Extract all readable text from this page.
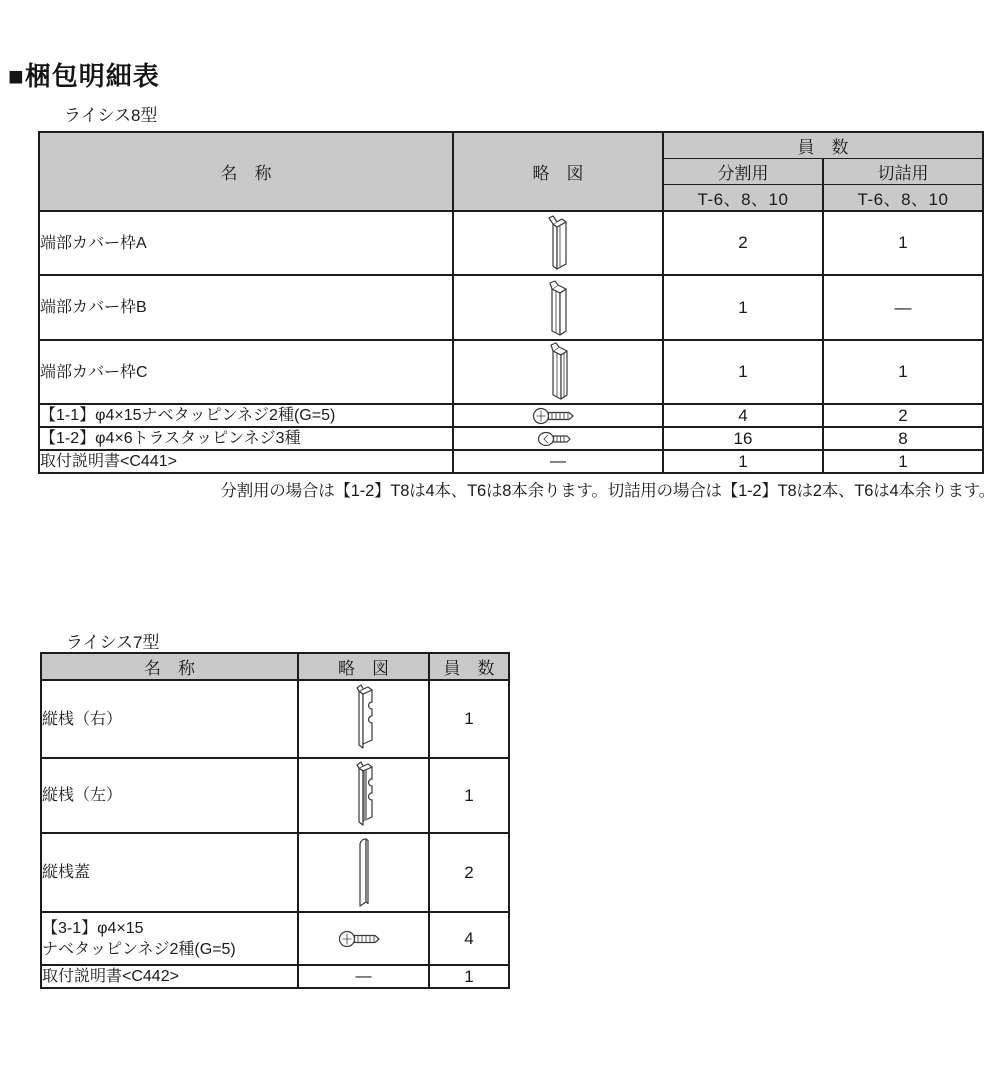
■梱包明細表
ライシス8型
名　称	略　図	員　数	
		分割用	切詰用
		T-6、8、10	T-6、8、10
端部カバー枠A		2	1
端部カバー枠B		1	—
端部カバー枠C		1	1
【1-1】φ4×15ナベタッピンネジ2種(G=5)		4	2
【1-2】φ4×6トラスタッピンネジ3種		16	8
取付説明書<C441>	—	1	1
分割用の場合は【1-2】T8は4本、T6は8本余ります。切詰用の場合は【1-2】T8は2本、T6は4本余ります。
ライシス7型
名　称	略　図	員　数
縦桟（右）		1
縦桟（左）		1
縦桟蓋		2

【3-1】φ4×15
ナベタッピンネジ2種(G=5)		4
取付説明書<C442>	—	1
